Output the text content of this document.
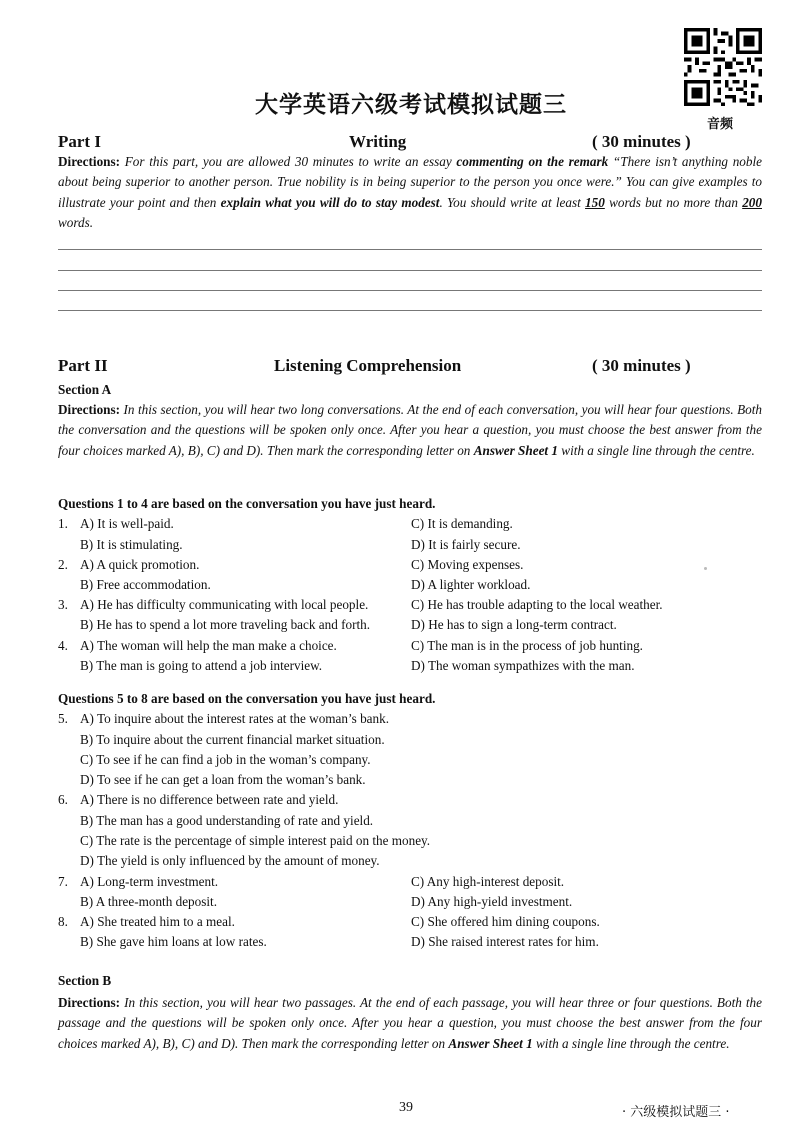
音频
大学英语六级考试模拟试题三
Part I	Writing	( 30 minutes )
Directions: For this part, you are allowed 30 minutes to write an essay commenting on the remark “There isn’t anything noble about being superior to another person. True nobility is in being superior to the person you once were.” You can give examples to illustrate your point and then explain what you will do to stay modest. You should write at least 150 words but no more than 200 words.
Part II	Listening Comprehension	( 30 minutes )
Section A
Directions: In this section, you will hear two long conversations. At the end of each conversation, you will hear four questions. Both the conversation and the questions will be spoken only once. After you hear a question, you must choose the best answer from the four choices marked A), B), C) and D). Then mark the corresponding letter on Answer Sheet 1 with a single line through the centre.
Questions 1 to 4 are based on the conversation you have just heard.
1. A) It is well-paid.	C) It is demanding.
B) It is stimulating.	D) It is fairly secure.
2. A) A quick promotion.	C) Moving expenses.
B) Free accommodation.	D) A lighter workload.
3. A) He has difficulty communicating with local people.	C) He has trouble adapting to the local weather.
B) He has to spend a lot more traveling back and forth.	D) He has to sign a long-term contract.
4. A) The woman will help the man make a choice.	C) The man is in the process of job hunting.
B) The man is going to attend a job interview.	D) The woman sympathizes with the man.
Questions 5 to 8 are based on the conversation you have just heard.
5. A) To inquire about the interest rates at the woman’s bank.
B) To inquire about the current financial market situation.
C) To see if he can find a job in the woman’s company.
D) To see if he can get a loan from the woman’s bank.
6. A) There is no difference between rate and yield.
B) The man has a good understanding of rate and yield.
C) The rate is the percentage of simple interest paid on the money.
D) The yield is only influenced by the amount of money.
7. A) Long-term investment.	C) Any high-interest deposit.
B) A three-month deposit.	D) Any high-yield investment.
8. A) She treated him to a meal.	C) She offered him dining coupons.
B) She gave him loans at low rates.	D) She raised interest rates for him.
Section B
Directions: In this section, you will hear two passages. At the end of each passage, you will hear three or four questions. Both the passage and the questions will be spoken only once. After you hear a question, you must choose the best answer from the four choices marked A), B), C) and D). Then mark the corresponding letter on Answer Sheet 1 with a single line through the centre.
39	· 六级模拟试题三 ·
